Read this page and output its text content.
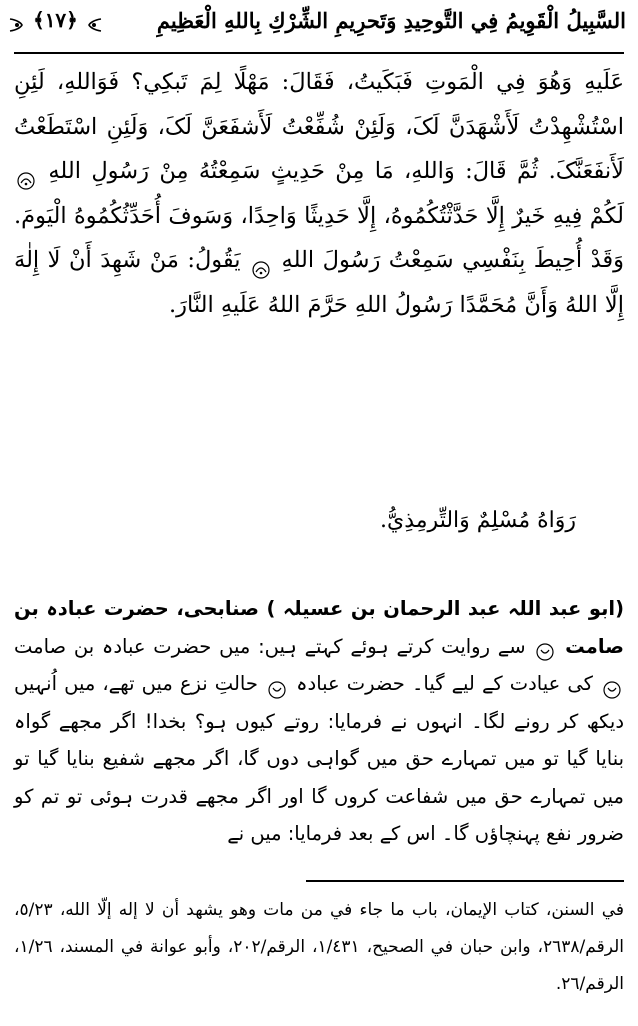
السَّبِيلُ الْقَوِيمُ فِي التَّوحِيدِ وَتَحرِيمِ الشِّرْكِ بِاللهِ الْعَظِيمِ
﴿١٧﴾

عَلَيهِ وَهُوَ فِي الْمَوتِ فَبَكَيتُ، فَقَالَ: مَهْلًا لِمَ تَبكِي؟ فَوَاللهِ، لَئِنِ اسْتُشْهِدْتُ لَأَشْهَدَنَّ لَکَ، وَلَئِنْ شُفِّعْتُ لَأَشفَعَنَّ لَکَ، وَلَئِنِ اسْتَطَعْتُ لَأَنفَعَنَّکَ. ثُمَّ قَالَ: وَاللهِ، مَا مِنْ حَدِيثٍ سَمِعْتُهُ مِنْ رَسُولِ اللهِ  لَکُمْ فِيهِ خَيرٌ إِلَّا حَدَّثْتُکُمُوهُ، إِلَّا حَدِيثًا وَاحِدًا، وَسَوفَ أُحَدِّثُکُمُوهُ الْيَومَ. وَقَدْ أُحِيطَ بِنَفْسِي سَمِعْتُ رَسُولَ اللهِ  يَقُولُ: مَنْ شَهِدَ أَنْ لَا إِلٰهَ إِلَّا اللهُ وَأَنَّ مُحَمَّدًا رَسُولُ اللهِ حَرَّمَ اللهُ عَلَيهِ النَّارَ.

رَوَاهُ مُسْلِمٌ وَالتِّرمِذِيُّ.

(ابو عبد اللہ عبد الرحمان بن عسیلہ ) صنابحی، حضرت عبادہ بن صامت  سے روایت کرتے ہوئے کہتے ہیں: میں حضرت عبادہ بن صامت  کی عیادت کے لیے گیا۔ حضرت عبادہ  حالتِ نزع میں تھے، میں اُنہیں دیکھ کر رونے لگا۔ انہوں نے فرمایا: روتے کیوں ہو؟ بخدا! اگر مجھے گواہ بنایا گیا تو میں تمہارے حق میں گواہی دوں گا، اگر مجھے شفیع بنایا گیا تو میں تمہارے حق میں شفاعت کروں گا اور اگر مجھے قدرت ہوئی تو تم کو ضرور نفع پہنچاؤں گا۔ اس کے بعد فرمایا: میں نے

في السنن، کتاب الإيمان، باب ما جاء في من مات وهو يشهد أن لا إله إلّا الله، ٥/٢٣، الرقم/٢٦٣٨، وابن حبان في الصحيح، ١/٤٣١، الرقم/٢٠٢، وأبو عوانة في المسند، ١/٢٦، الرقم/٢٦.
